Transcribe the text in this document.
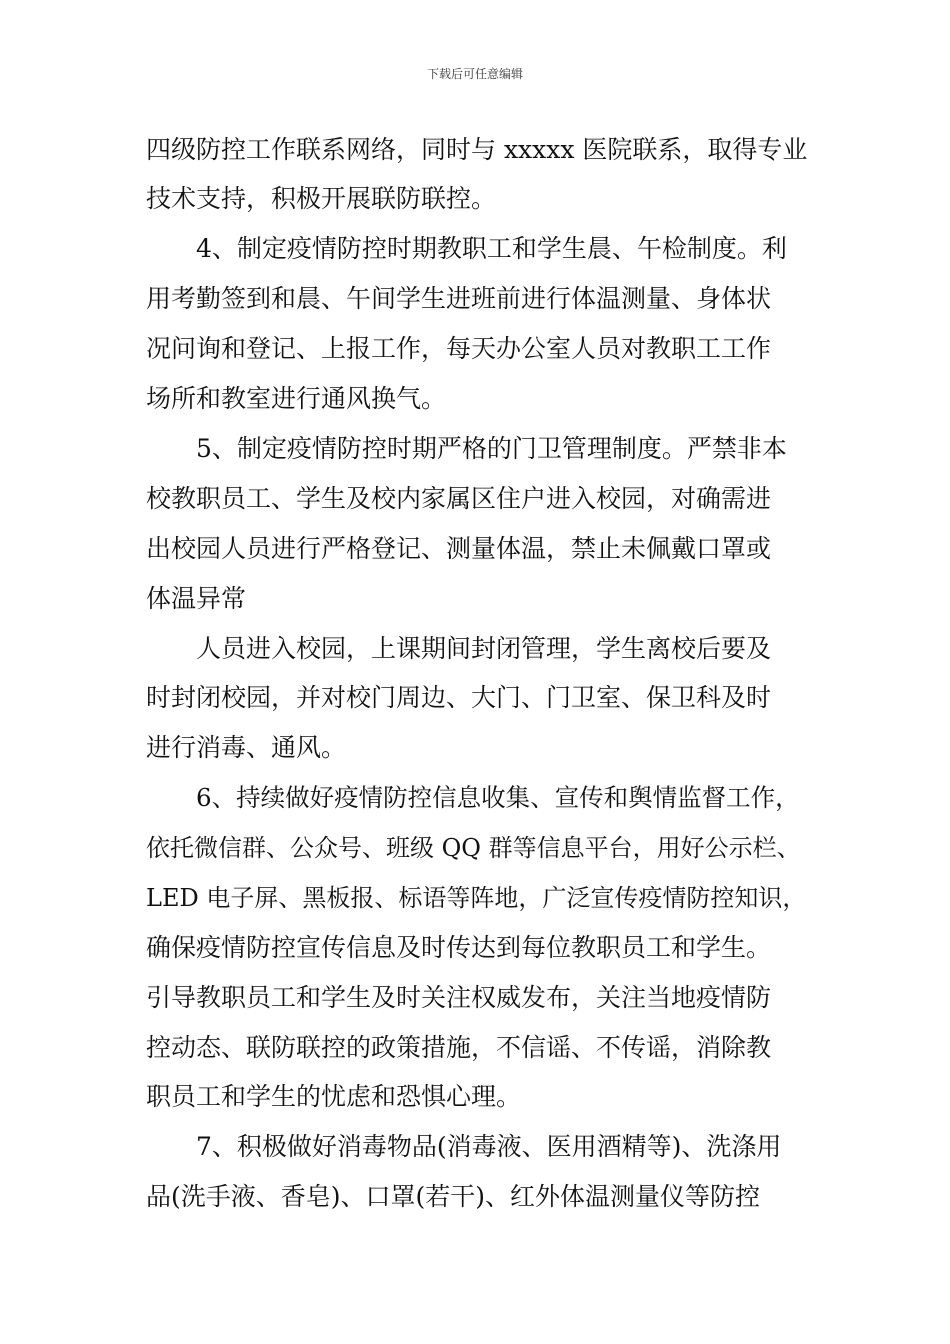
下载后可任意编辑
四级防控工作联系网络，同时与 xxxxx 医院联系，取得专业
技术支持，积极开展联防联控。
4、制定疫情防控时期教职工和学生晨、午检制度。利
用考勤签到和晨、午间学生进班前进行体温测量、身体状
况问询和登记、上报工作，每天办公室人员对教职工工作
场所和教室进行通风换气。
5、制定疫情防控时期严格的门卫管理制度。严禁非本
校教职员工、学生及校内家属区住户进入校园，对确需进
出校园人员进行严格登记、测量体温，禁止未佩戴口罩或
体温异常
人员进入校园，上课期间封闭管理，学生离校后要及
时封闭校园，并对校门周边、大门、门卫室、保卫科及时
进行消毒、通风。
6、持续做好疫情防控信息收集、宣传和舆情监督工作，
依托微信群、公众号、班级 QQ 群等信息平台，用好公示栏、
LED 电子屏、黑板报、标语等阵地，广泛宣传疫情防控知识，
确保疫情防控宣传信息及时传达到每位教职员工和学生。
引导教职员工和学生及时关注权威发布，关注当地疫情防
控动态、联防联控的政策措施，不信谣、不传谣，消除教
职员工和学生的忧虑和恐惧心理。
7、积极做好消毒物品(消毒液、医用酒精等)、洗涤用
品(洗手液、香皂)、口罩(若干)、红外体温测量仪等防控
